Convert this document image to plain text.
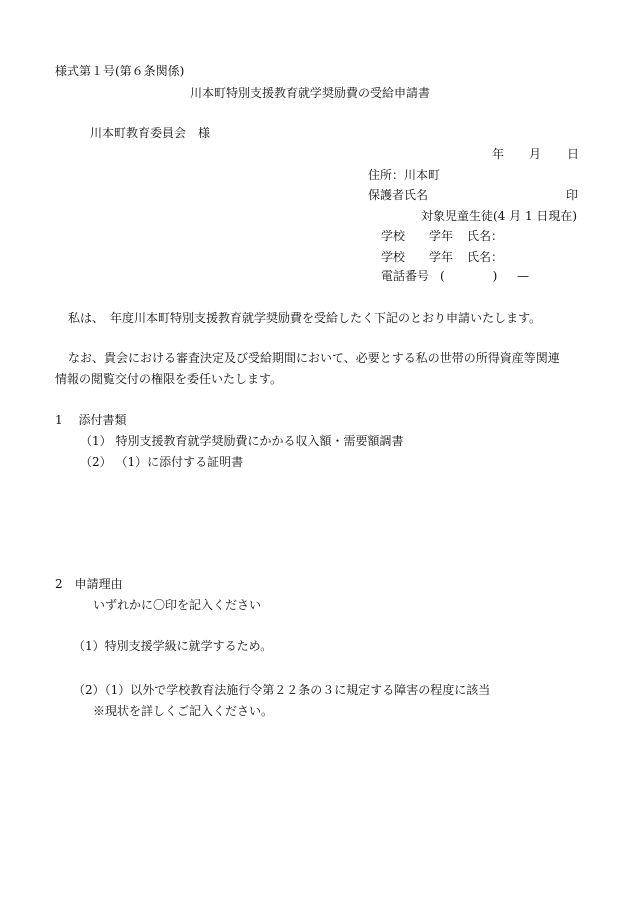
様式第１号(第６条関係)
川本町特別支援教育就学奨励費の受給申請書
川本町教育委員会　様
年 月 日
住所：川本町
保護者氏名	印
対象児童生徒(4 月 1 日現在)
学校 学年 氏名：
学校 学年 氏名：
電話番号 (　　　　) —
私は、　年度川本町特別支援教育就学奨励費を受給したく下記のとおり申請いたします。
なお、貴会における審査決定及び受給期間において、必要とする私の世帯の所得資産等関連
情報の閲覧交付の権限を委任いたします。
1　 添付書類
（1） 特別支援教育就学奨励費にかかる収入額・需要額調書
（2） （1）に添付する証明書
2　申請理由
いずれかに〇印を記入ください
（1）特別支援学級に就学するため。
（2）（1）以外で学校教育法施行令第２２条の３に規定する障害の程度に該当
※現状を詳しくご記入ください。
